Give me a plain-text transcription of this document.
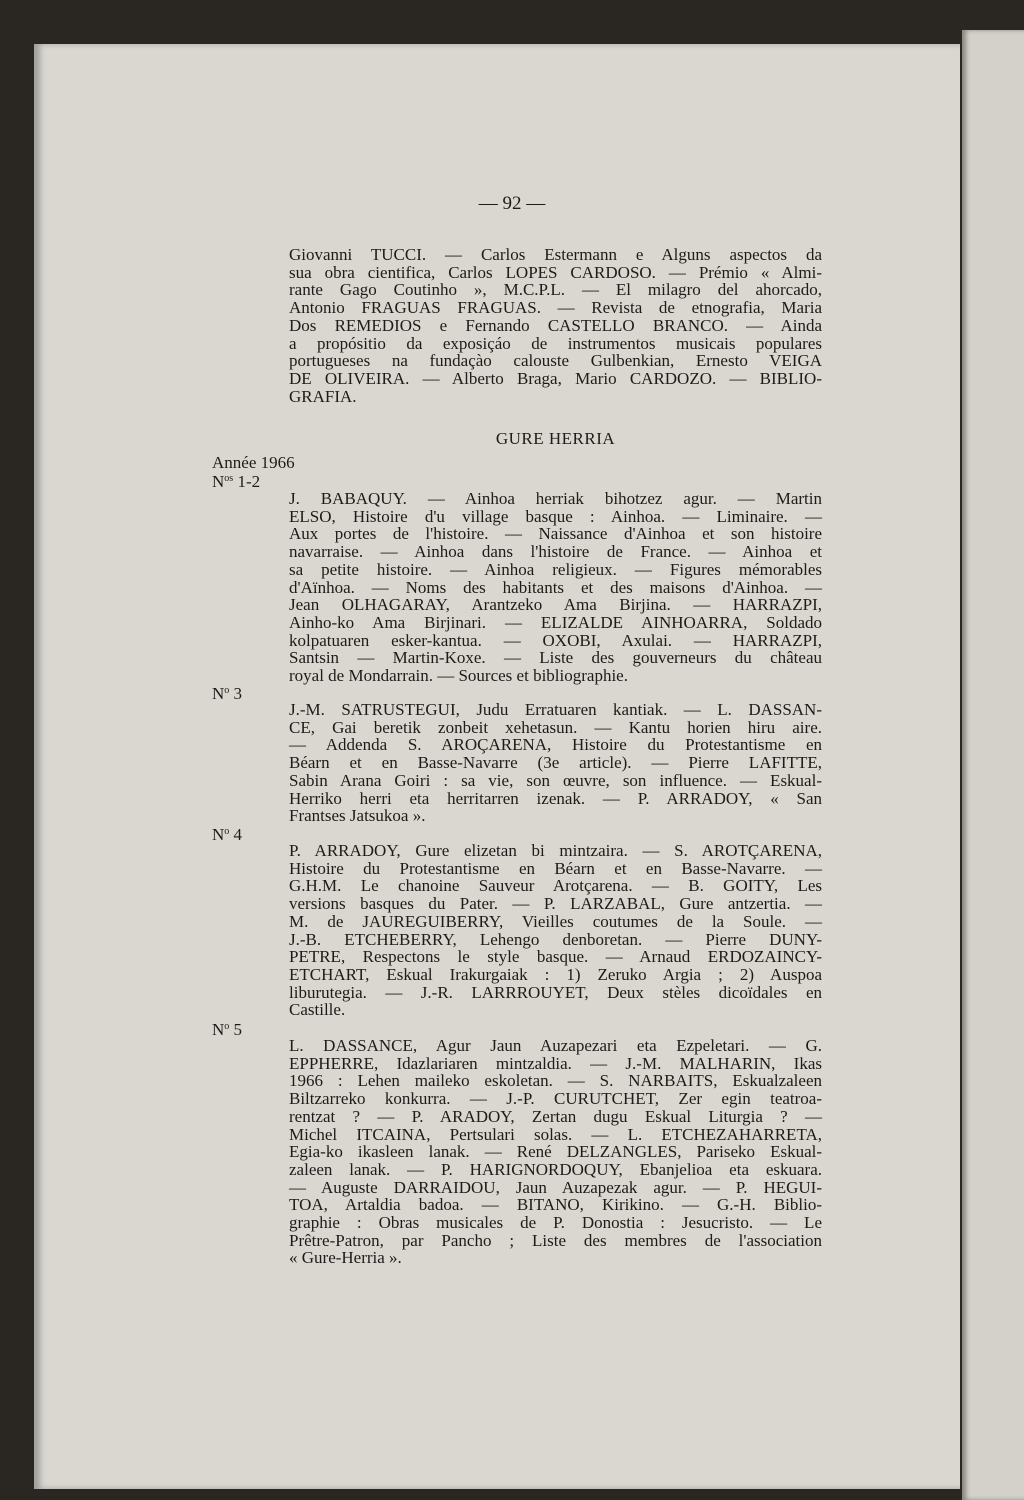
— 92 —
Giovanni TUCCI. — Carlos Estermann e Alguns aspectos da
sua obra cientifica, Carlos LOPES CARDOSO. — Prémio « Almi-
rante Gago Coutinho », M.C.P.L. — El milagro del ahorcado,
Antonio FRAGUAS FRAGUAS. — Revista de etnografia, Maria
Dos REMEDIOS e Fernando CASTELLO BRANCO. — Ainda
a propósitio da exposiçáo de instrumentos musicais populares
portugueses na fundaçào calouste Gulbenkian, Ernesto VEIGA
DE OLIVEIRA. — Alberto Braga, Mario CARDOZO. — BIBLIO-
GRAFIA.
GURE HERRIA
Année 1966
$N^{os}$ 1-2
J. BABAQUY. — Ainhoa herriak bihotzez agur. — Martin
ELSO, Histoire d'u village basque : Ainhoa. — Liminaire. —
Aux portes de l'histoire. — Naissance d'Ainhoa et son histoire
navarraise. — Ainhoa dans l'histoire de France. — Ainhoa et
sa petite histoire. — Ainhoa religieux. — Figures mémorables
d'Aïnhoa. — Noms des habitants et des maisons d'Ainhoa. —
Jean OLHAGARAY, Arantzeko Ama Birjina. — HARRAZPI,
Ainho-ko Ama Birjinari. — ELIZALDE AINHOARRA, Soldado
kolpatuaren esker-kantua. — OXOBI, Axulai. — HARRAZPI,
Santsin — Martin-Koxe. — Liste des gouverneurs du château
royal de Mondarrain. — Sources et bibliographie.
$N^o$ 3
J.-M. SATRUSTEGUI, Judu Erratuaren kantiak. — L. DASSAN-
CE, Gai beretik zonbeit xehetasun. — Kantu horien hiru aire.
— Addenda S. AROÇARENA, Histoire du Protestantisme en
Béarn et en Basse-Navarre (3e article). — Pierre LAFITTE,
Sabin Arana Goiri : sa vie, son œuvre, son influence. — Eskual-
Herriko herri eta herritarren izenak. — P. ARRADOY, « San
Frantses Jatsukoa ».
$N^o$ 4
P. ARRADOY, Gure elizetan bi mintzaira. — S. AROTÇARENA,
Histoire du Protestantisme en Béarn et en Basse-Navarre. —
G.H.M. Le chanoine Sauveur Arotçarena. — B. GOITY, Les
versions basques du Pater. — P. LARZABAL, Gure antzertia. —
M. de JAUREGUIBERRY, Vieilles coutumes de la Soule. —
J.-B. ETCHEBERRY, Lehengo denboretan. — Pierre DUNY-
PETRE, Respectons le style basque. — Arnaud ERDOZAINCY-
ETCHART, Eskual Irakurgaiak : 1) Zeruko Argia ; 2) Auspoa
liburutegia. — J.-R. LARRROUYET, Deux stèles dicoïdales en
Castille.
$N^o$ 5
L. DASSANCE, Agur Jaun Auzapezari eta Ezpeletari. — G.
EPPHERRE, Idazlariaren mintzaldia. — J.-M. MALHARIN, Ikas
1966 : Lehen maileko eskoletan. — S. NARBAITS, Eskualzaleen
Biltzarreko konkurra. — J.-P. CURUTCHET, Zer egin teatroa-
rentzat ? — P. ARADOY, Zertan dugu Eskual Liturgia ? —
Michel ITCAINA, Pertsulari solas. — L. ETCHEZAHARRETA,
Egia-ko ikasleen lanak. — René DELZANGLES, Pariseko Eskual-
zaleen lanak. — P. HARIGNORDOQUY, Ebanjelioa eta eskuara.
— Auguste DARRAIDOU, Jaun Auzapezak agur. — P. HEGUI-
TOA, Artaldia badoa. — BITANO, Kirikino. — G.-H. Biblio-
graphie : Obras musicales de P. Donostia : Jesucristo. — Le
Prêtre-Patron, par Pancho ; Liste des membres de l'association
« Gure-Herria ».
